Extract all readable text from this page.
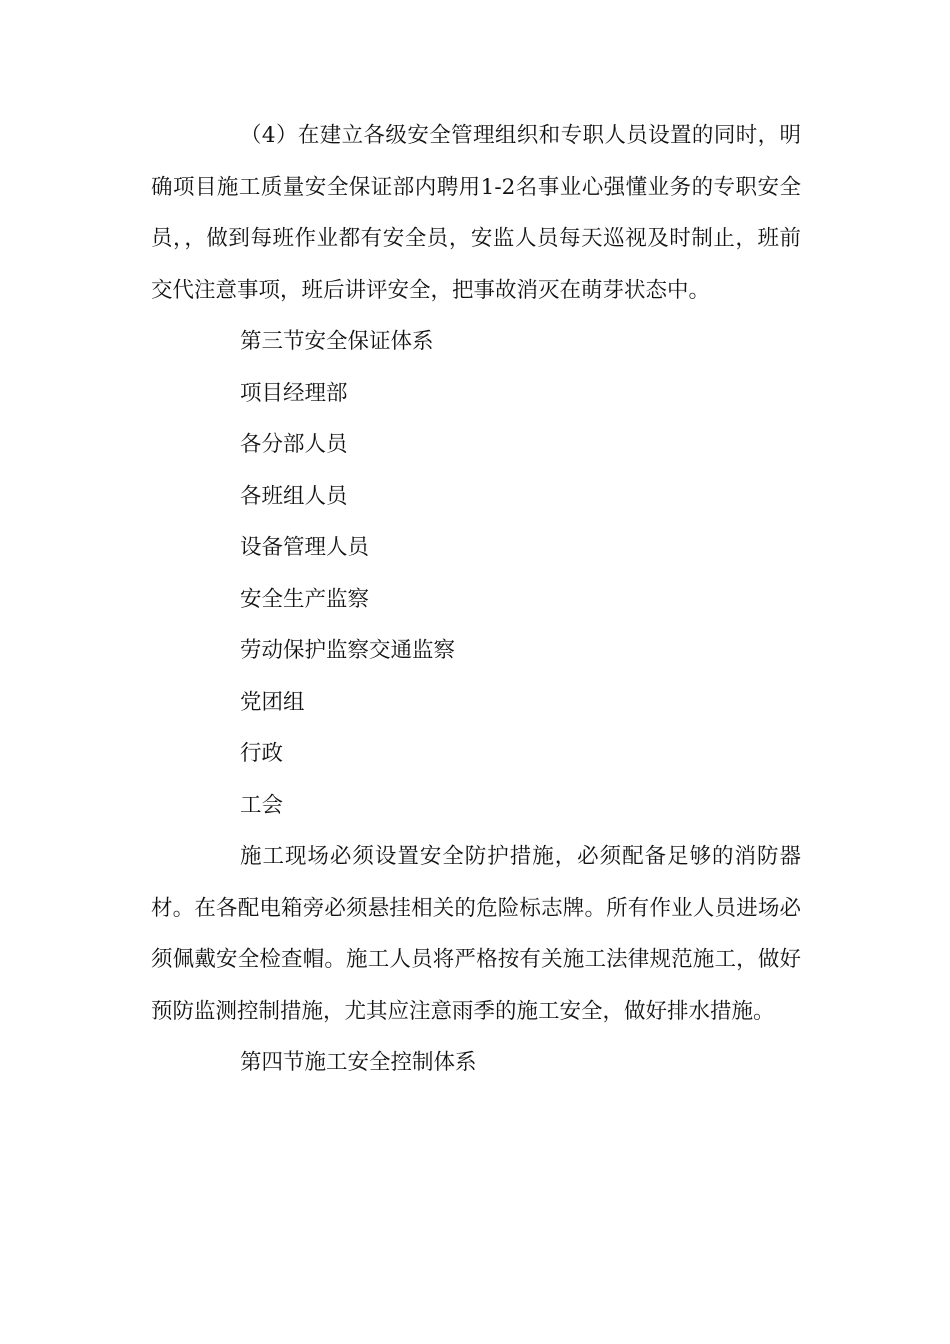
（4）在建立各级安全管理组织和专职人员设置的同时，明确项目施工质量安全保证部内聘用1-2名事业心强懂业务的专职安全员，，做到每班作业都有安全员，安监人员每天巡视及时制止，班前交代注意事项，班后讲评安全，把事故消灭在萌芽状态中。

第三节安全保证体系

项目经理部

各分部人员

各班组人员

设备管理人员

安全生产监察

劳动保护监察交通监察

党团组

行政

工会

施工现场必须设置安全防护措施，必须配备足够的消防器材。在各配电箱旁必须悬挂相关的危险标志牌。所有作业人员进场必须佩戴安全检查帽。施工人员将严格按有关施工法律规范施工，做好预防监测控制措施，尤其应注意雨季的施工安全，做好排水措施。

第四节施工安全控制体系
